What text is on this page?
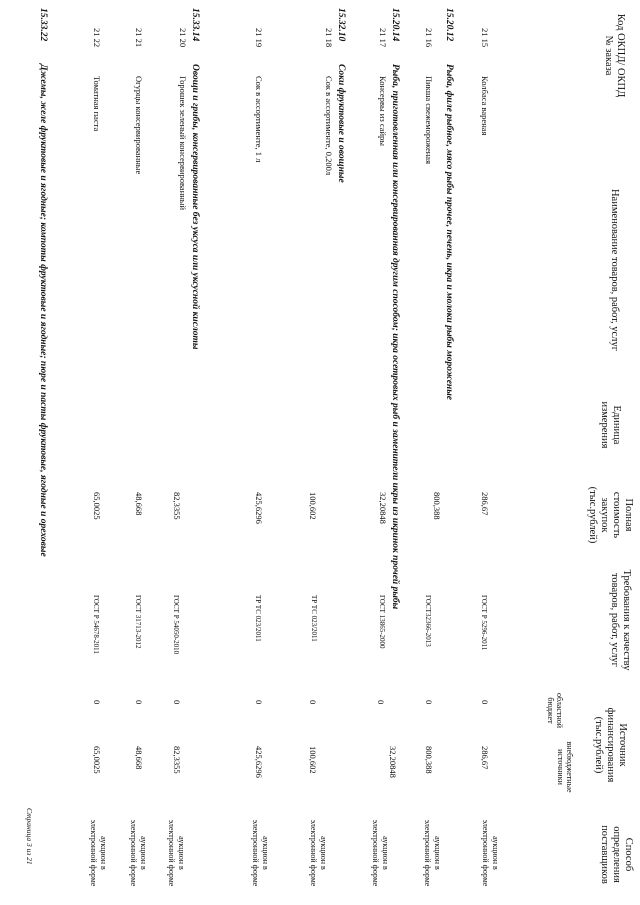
Код ОКПД/ ОКПД № заказа
Наименование товаров, работ, услуг
Единица измерения
Полная стоимость закупок (тыс.рублей)
Требования к качеству товаров, работ, услуг
Источник финансирования (тыс.рублей)
областной бюджет
внебюджетные источники
Способ определения поставщиков
21 15
Колбаса вареная
286,67
ГОСТ Р 5296-2011
0
286,67
аукцион в электронной форме
15.20.12
Рыба, филе рыбное, мясо рыбы прочее, печень, икра и молоки рыбы мороженые
21 16
Пикша свежемороженая
800,388
ГОСТ32366-2013
0
800,388
аукцион в электронной форме
15.20.14
Рыба, приготовленная или консервированная другим способом; икра осетровых рыб и заменители икры из икринок прочей рыбы
21 17
Консервы из сайры
32,20848
ГОСТ 13865-2000
0
32,20848
аукцион в электронной форме
15.32.10
Соки фруктовые и овощные
21 18
Сок в ассортименте, 0,200л
100,602
ТР ТС 023/2011
0
100,602
аукцион в электронной форме
21 19
Сок в ассортименте, 1 л
425,6296
ТР ТС 023/2011
0
425,6296
аукцион в электронной форме
15.33.14
Овощи и грибы, консервированные без уксуса или уксусной кислоты
21 20
Горошек зеленый консервированный
82,3355
ГОСТ Р 54050-2010
0
82,3355
аукцион в электронной форме
21 21
Огурцы консервированные
48,668
ГОСТ 31713-2012
0
48,668
аукцион в электронной форме
21 22
Томатная паста
65,0025
ГОСТ Р 54678-2011
0
65,0025
аукцион в электронной форме
15.33.22
Джемы, желе фруктовые и ягодные; компоты фруктовые и ягодные; пюре и пасты фруктовые, ягодные и ореховые
Страница 3 из 21
